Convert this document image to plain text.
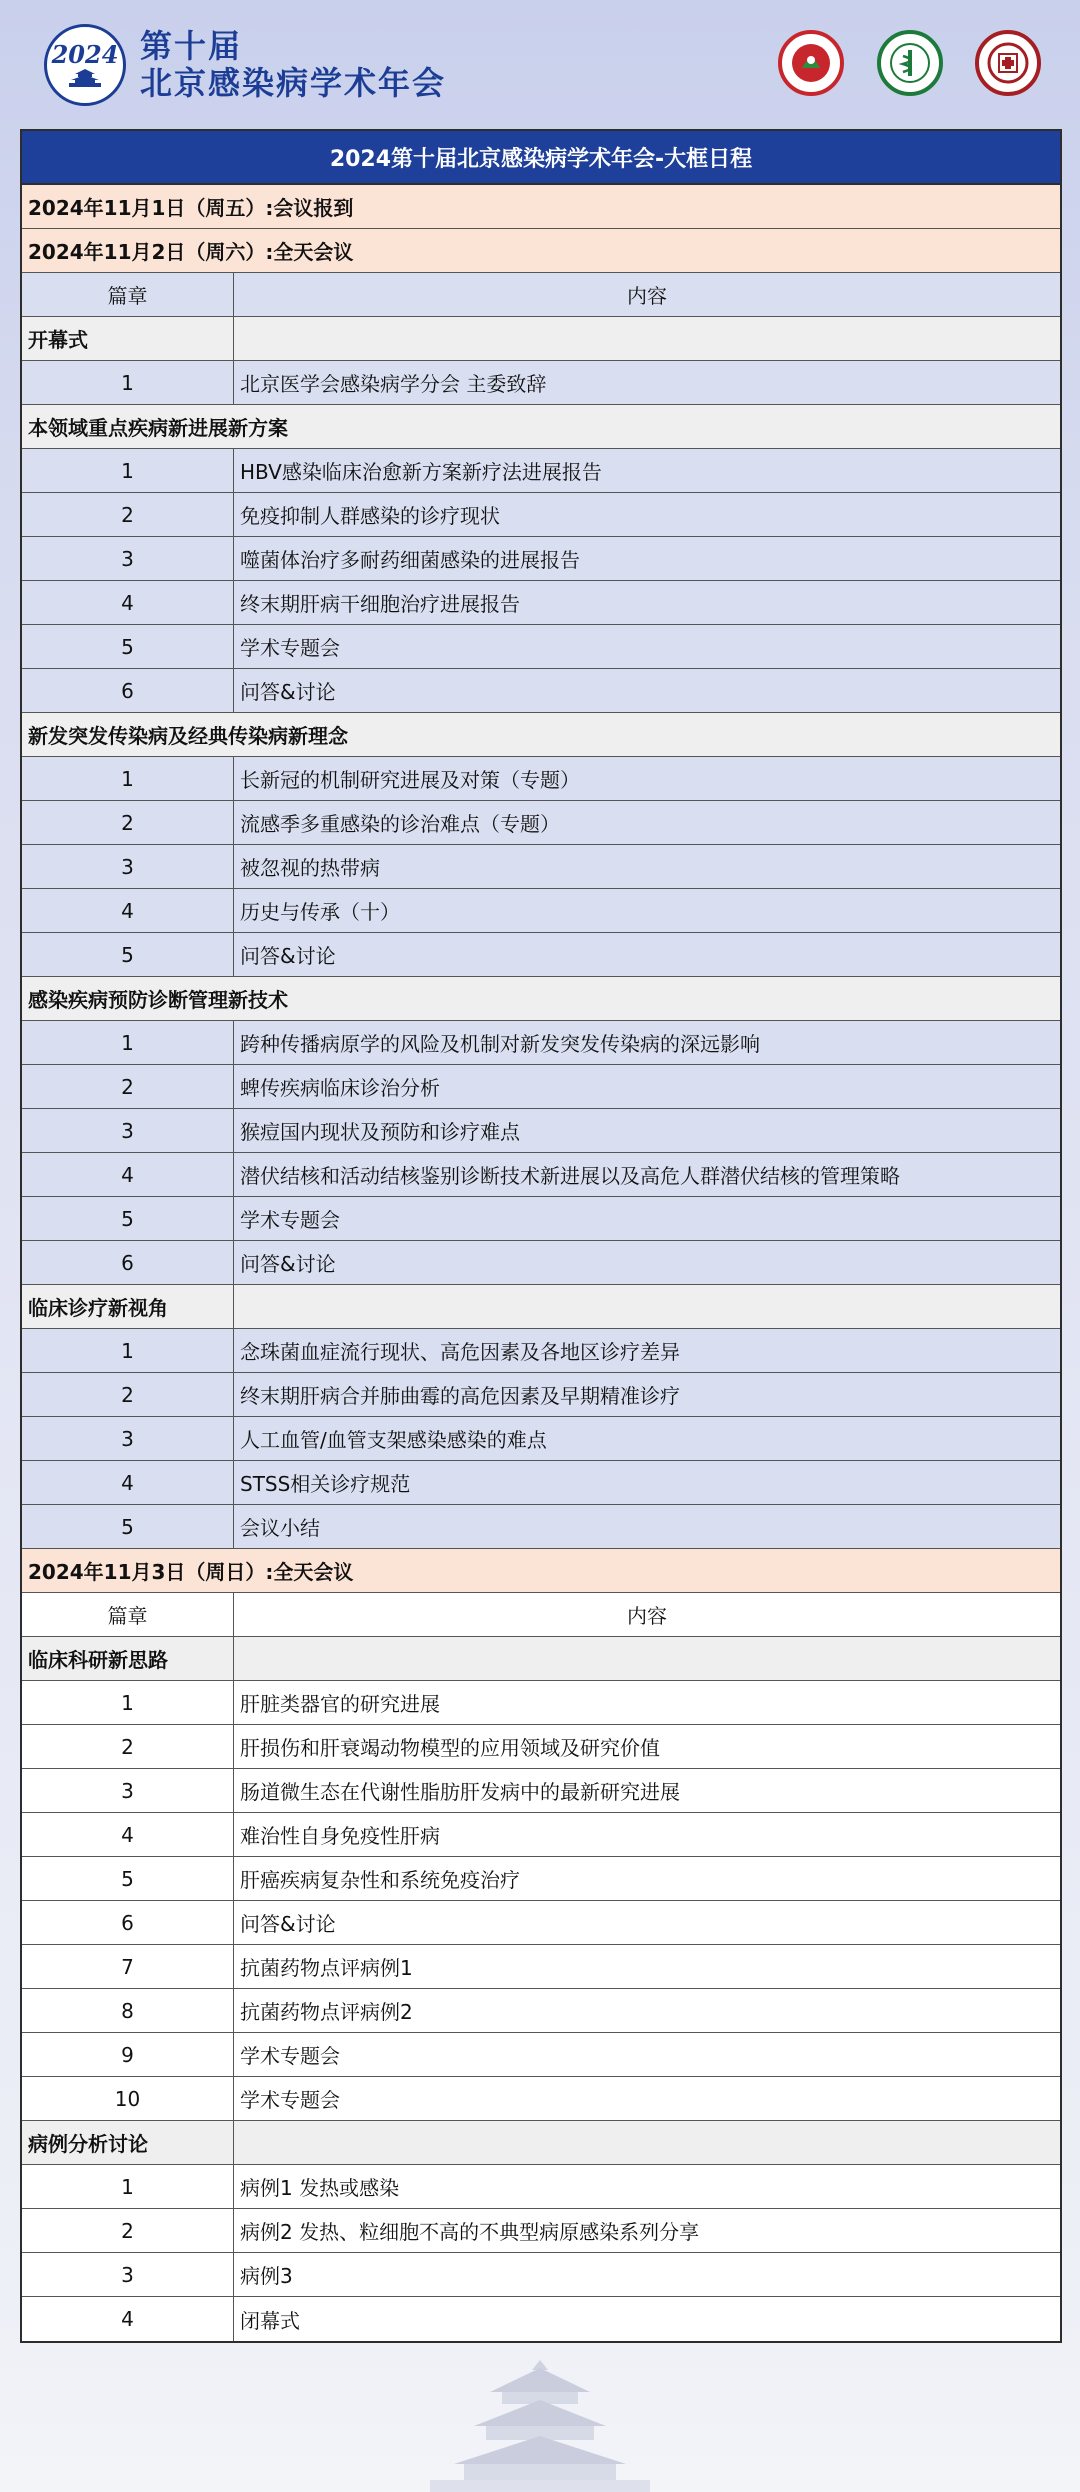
2024 第十届
北京感染病学术年会
2024第十届北京感染病学术年会-大框日程
2024年11月1日（周五）:会议报到
2024年11月2日（周六）:全天会议
篇章	内容
开幕式
1	北京医学会感染病学分会 主委致辞
本领域重点疾病新进展新方案
1	HBV感染临床治愈新方案新疗法进展报告
2	免疫抑制人群感染的诊疗现状
3	噬菌体治疗多耐药细菌感染的进展报告
4	终末期肝病干细胞治疗进展报告
5	学术专题会
6	问答&讨论
新发突发传染病及经典传染病新理念
1	长新冠的机制研究进展及对策（专题）
2	流感季多重感染的诊治难点（专题）
3	被忽视的热带病
4	历史与传承（十）
5	问答&讨论
感染疾病预防诊断管理新技术
1	跨种传播病原学的风险及机制对新发突发传染病的深远影响
2	蜱传疾病临床诊治分析
3	猴痘国内现状及预防和诊疗难点
4	潜伏结核和活动结核鉴别诊断技术新进展以及高危人群潜伏结核的管理策略
5	学术专题会
6	问答&讨论
临床诊疗新视角
1	念珠菌血症流行现状、高危因素及各地区诊疗差异
2	终末期肝病合并肺曲霉的高危因素及早期精准诊疗
3	人工血管/血管支架感染感染的难点
4	STSS相关诊疗规范
5	会议小结
2024年11月3日（周日）:全天会议
篇章	内容
临床科研新思路
1	肝脏类器官的研究进展
2	肝损伤和肝衰竭动物模型的应用领域及研究价值
3	肠道微生态在代谢性脂肪肝发病中的最新研究进展
4	难治性自身免疫性肝病
5	肝癌疾病复杂性和系统免疫治疗
6	问答&讨论
7	抗菌药物点评病例1
8	抗菌药物点评病例2
9	学术专题会
10	学术专题会
病例分析讨论
1	病例1 发热或感染
2	病例2 发热、粒细胞不高的不典型病原感染系列分享
3	病例3
4	闭幕式
